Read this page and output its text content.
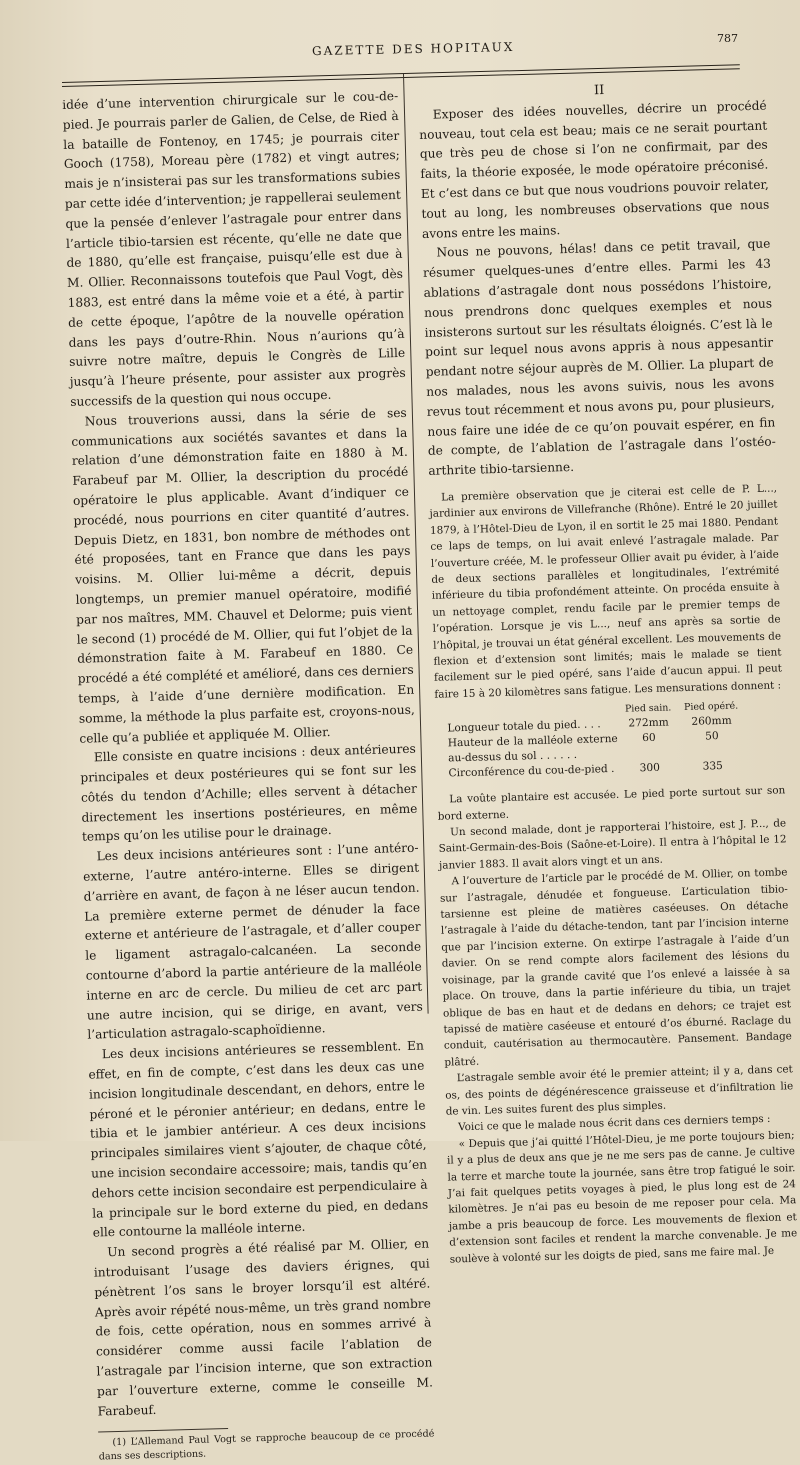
GAZETTE DES HOPITAUX
787

idée d’une intervention chirurgicale sur le cou-de-pied. Je pourrais parler de Galien, de Celse, de Ried à la bataille de Fontenoy, en 1745; je pourrais citer Gooch (1758), Moreau père (1782) et vingt autres; mais je n’insisterai pas sur les transformations subies par cette idée d’intervention; je rappellerai seulement que la pensée d’enlever l’astragale pour entrer dans l’article tibio-tarsien est récente, qu’elle ne date que de 1880, qu’elle est française, puisqu’elle est due à M. Ollier. Reconnaissons toutefois que Paul Vogt, dès 1883, est entré dans la même voie et a été, à partir de cette époque, l’apôtre de la nouvelle opération dans les pays d’outre-Rhin. Nous n’aurions qu’à suivre notre maître, depuis le Congrès de Lille jusqu’à l’heure présente, pour assister aux progrès successifs de la question qui nous occupe.

Nous trouverions aussi, dans la série de ses communications aux sociétés savantes et dans la relation d’une démonstration faite en 1880 à M. Farabeuf par M. Ollier, la description du procédé opératoire le plus applicable. Avant d’indiquer ce procédé, nous pourrions en citer quantité d’autres. Depuis Dietz, en 1831, bon nombre de méthodes ont été proposées, tant en France que dans les pays voisins. M. Ollier lui-même a décrit, depuis longtemps, un premier manuel opératoire, modifié par nos maîtres, MM. Chauvel et Delorme; puis vient le second (1) procédé de M. Ollier, qui fut l’objet de la démonstration faite à M. Farabeuf en 1880. Ce procédé a été complété et amélioré, dans ces derniers temps, à l’aide d’une dernière modification. En somme, la méthode la plus parfaite est, croyons-nous, celle qu’a publiée et appliquée M. Ollier.

Elle consiste en quatre incisions : deux antérieures principales et deux postérieures qui se font sur les côtés du tendon d’Achille; elles servent à détacher directement les insertions postérieures, en même temps qu’on les utilise pour le drainage.

Les deux incisions antérieures sont : l’une antéro-externe, l’autre antéro-interne. Elles se dirigent d’arrière en avant, de façon à ne léser aucun tendon. La première externe permet de dénuder la face externe et antérieure de l’astragale, et d’aller couper le ligament astragalo-calcanéen. La seconde contourne d’abord la partie antérieure de la malléole interne en arc de cercle. Du milieu de cet arc part une autre incision, qui se dirige, en avant, vers l’articulation astragalo-scaphoïdienne.

Les deux incisions antérieures se ressemblent. En effet, en fin de compte, c’est dans les deux cas une incision longitudinale descendant, en dehors, entre le péroné et le péronier antérieur; en dedans, entre le tibia et le jambier antérieur. A ces deux incisions principales similaires vient s’ajouter, de chaque côté, une incision secondaire accessoire; mais, tandis qu’en dehors cette incision secondaire est perpendiculaire à la principale sur le bord externe du pied, en dedans elle contourne la malléole interne.

Un second progrès a été réalisé par M. Ollier, en introduisant l’usage des daviers érignes, qui pénètrent l’os sans le broyer lorsqu’il est altéré. Après avoir répété nous-même, un très grand nombre de fois, cette opération, nous en sommes arrivé à considérer comme aussi facile l’ablation de l’astragale par l’incision interne, que son extraction par l’ouverture externe, comme le conseille M. Farabeuf.

(1) L’Allemand Paul Vogt se rapproche beaucoup de ce procédé dans ses descriptions.

II

Exposer des idées nouvelles, décrire un procédé nouveau, tout cela est beau; mais ce ne serait pourtant que très peu de chose si l’on ne confirmait, par des faits, la théorie exposée, le mode opératoire préconisé. Et c’est dans ce but que nous voudrions pouvoir relater, tout au long, les nombreuses observations que nous avons entre les mains.

Nous ne pouvons, hélas! dans ce petit travail, que résumer quelques-unes d’entre elles. Parmi les 43 ablations d’astragale dont nous possédons l’histoire, nous prendrons donc quelques exemples et nous insisterons surtout sur les résultats éloignés. C’est là le point sur lequel nous avons appris à nous appesantir pendant notre séjour auprès de M. Ollier. La plupart de nos malades, nous les avons suivis, nous les avons revus tout récemment et nous avons pu, pour plusieurs, nous faire une idée de ce qu’on pouvait espérer, en fin de compte, de l’ablation de l’astragale dans l’ostéo-arthrite tibio-tarsienne.

La première observation que je citerai est celle de P. L..., jardinier aux environs de Villefranche (Rhône). Entré le 20 juillet 1879, à l’Hôtel-Dieu de Lyon, il en sortit le 25 mai 1880. Pendant ce laps de temps, on lui avait enlevé l’astragale malade. Par l’ouverture créée, M. le professeur Ollier avait pu évider, à l’aide de deux sections parallèles et longitudinales, l’extrémité inférieure du tibia profondément atteinte. On procéda ensuite à un nettoyage complet, rendu facile par le premier temps de l’opération. Lorsque je vis L..., neuf ans après sa sortie de l’hôpital, je trouvai un état général excellent. Les mouvements de flexion et d’extension sont limités; mais le malade se tient facilement sur le pied opéré, sans l’aide d’aucun appui. Il peut faire 15 à 20 kilomètres sans fatigue. Les mensurations donnent :

	Pied sain.	Pied opéré.
Longueur totale du pied. . . .	272mm	260mm
Hauteur de la malléole externe au-dessus du sol . . . . . .	60	50
Circonférence du cou-de-pied .	300	335

La voûte plantaire est accusée. Le pied porte surtout sur son bord externe.

Un second malade, dont je rapporterai l’histoire, est J. P..., de Saint-Germain-des-Bois (Saône-et-Loire). Il entra à l’hôpital le 12 janvier 1883. Il avait alors vingt et un ans.

A l’ouverture de l’article par le procédé de M. Ollier, on tombe sur l’astragale, dénudée et fongueuse. L’articulation tibio-tarsienne est pleine de matières caséeuses. On détache l’astragale à l’aide du détache-tendon, tant par l’incision interne que par l’incision externe. On extirpe l’astragale à l’aide d’un davier. On se rend compte alors facilement des lésions du voisinage, par la grande cavité que l’os enlevé a laissée à sa place. On trouve, dans la partie inférieure du tibia, un trajet oblique de bas en haut et de dedans en dehors; ce trajet est tapissé de matière caséeuse et entouré d’os éburné. Raclage du conduit, cautérisation au thermocautère. Pansement. Bandage plâtré.

L’astragale semble avoir été le premier atteint; il y a, dans cet os, des points de dégénérescence graisseuse et d’infiltration lie de vin. Les suites furent des plus simples.

Voici ce que le malade nous écrit dans ces derniers temps :

« Depuis que j’ai quitté l’Hôtel-Dieu, je me porte toujours bien; il y a plus de deux ans que je ne me sers pas de canne. Je cultive la terre et marche toute la journée, sans être trop fatigué le soir. J’ai fait quelques petits voyages à pied, le plus long est de 24 kilomètres. Je n’ai pas eu besoin de me reposer pour cela. Ma jambe a pris beaucoup de force. Les mouvements de flexion et d’extension sont faciles et rendent la marche convenable. Je me soulève à volonté sur les doigts de pied, sans me faire mal. Je
